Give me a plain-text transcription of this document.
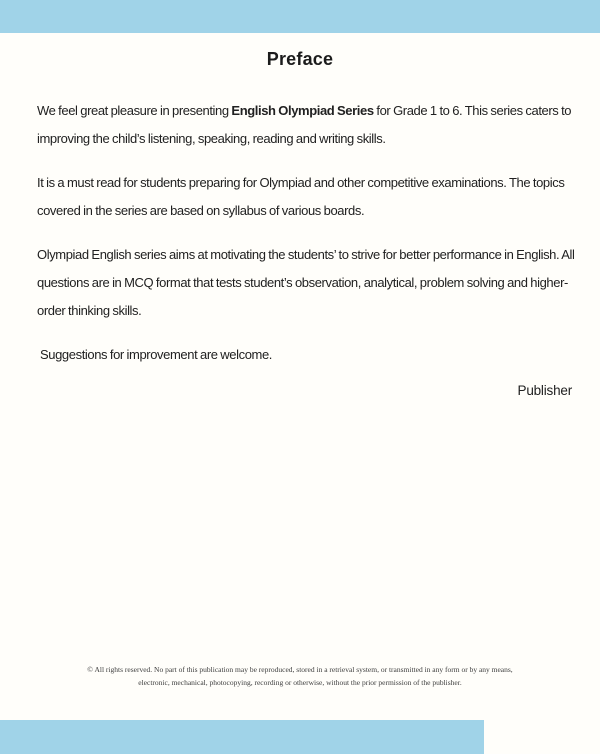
Preface

We feel great pleasure in presenting English Olympiad Series for Grade 1 to 6. This series caters to improving the child’s listening, speaking, reading and writing skills.

It is a must read for students preparing for Olympiad and other competitive examinations. The topics covered in the series are based on syllabus of various boards.

Olympiad English series aims at motivating the students’ to strive for better performance in English. All questions are in MCQ format that tests student’s observation, analytical, problem solving and higher-order thinking skills.

Suggestions for improvement are welcome.

Publisher
© All rights reserved. No part of this publication may be reproduced, stored in a retrieval system, or transmitted in any form or by any means,
electronic, mechanical, photocopying, recording or otherwise, without the prior permission of the publisher.
